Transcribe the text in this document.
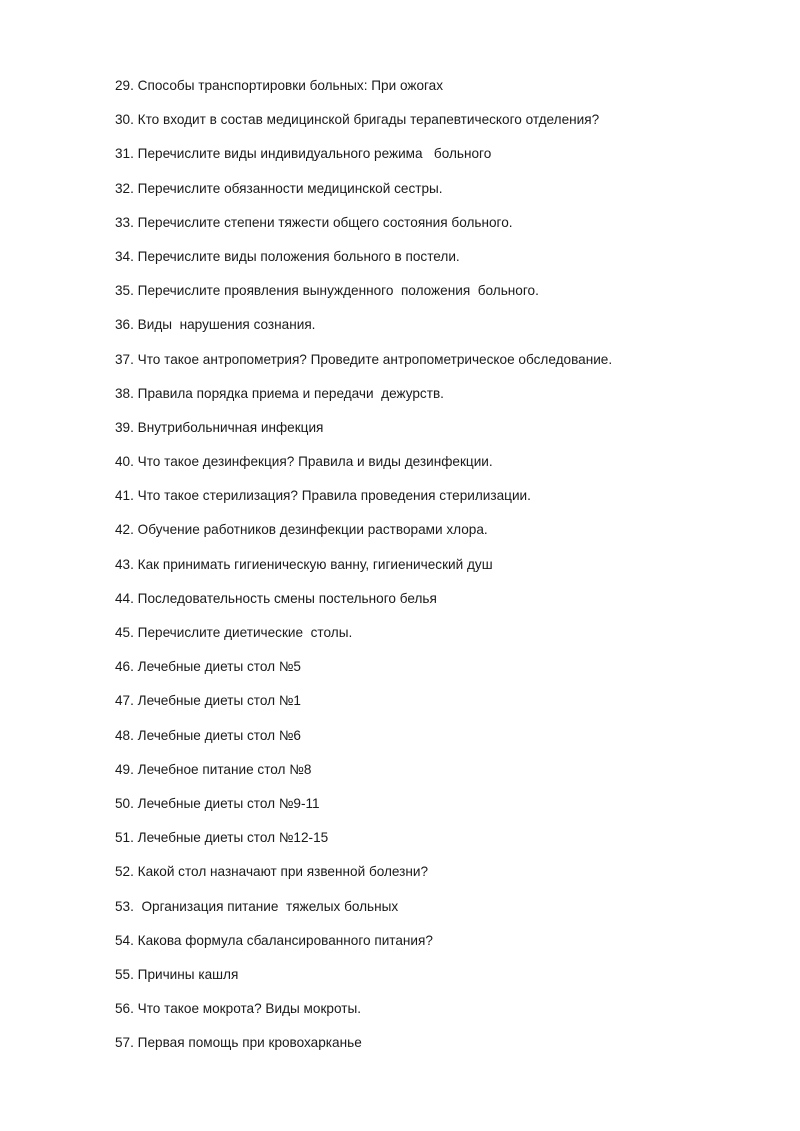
29. Способы транспортировки больных: При ожогах
30. Кто входит в состав медицинской бригады терапевтического отделения?
31. Перечислите виды индивидуального режима   больного
32. Перечислите обязанности медицинской сестры.
33. Перечислите степени тяжести общего состояния больного.
34. Перечислите виды положения больного в постели.
35. Перечислите проявления вынужденного  положения  больного.
36. Виды  нарушения сознания.
37. Что такое антропометрия? Проведите антропометрическое обследование.
38. Правила порядка приема и передачи  дежурств.
39. Внутрибольничная инфекция
40. Что такое дезинфекция? Правила и виды дезинфекции.
41. Что такое стерилизация? Правила проведения стерилизации.
42. Обучение работников дезинфекции растворами хлора.
43. Как принимать гигиеническую ванну, гигиенический душ
44. Последовательность смены постельного белья
45. Перечислите диетические  столы.
46. Лечебные диеты стол №5
47. Лечебные диеты стол №1
48. Лечебные диеты стол №6
49. Лечебное питание стол №8
50. Лечебные диеты стол №9-11
51. Лечебные диеты стол №12-15
52. Какой стол назначают при язвенной болезни?
53.  Организация питание  тяжелых больных
54. Какова формула сбалансированного питания?
55. Причины кашля
56. Что такое мокрота? Виды мокроты.
57. Первая помощь при кровохарканье
